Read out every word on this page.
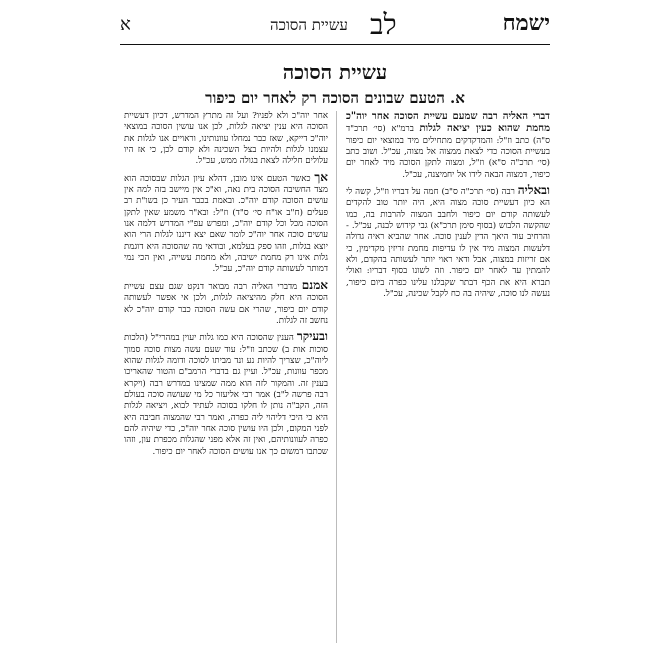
ישמח
לב
עשיית הסוכה
א
עשיית הסוכה
א. הטעם שבונים הסוכה רק לאחר יום כיפור

דברי האליה רבה שמעם עשיית הסוכה אחר יוה"כ מחמת שהוא כעין יציאה לגלות ברמ"א (סי׳ תרכ"ד ס"ה) כתב וז"ל: והמדקדקים מתחילים מיד במוצאי יום כיפור בעשיית הסוכה כדי לצאת ממצוה אל מצוה, עכ"ל. ושוב כתב (סי׳ תרכ"ה ס"א) וז"ל, ומצוה לתקן הסוכה מיד לאחר יום כיפור, דמצוה הבאה לידו אל יחמיצנה, עכ"ל.

ובאליה רבה (סי׳ תרכ"ה ס"ב) חמה על דבריו וז"ל, קשה לי הא כיון דעשיית סוכה מצוה היא, היה יותר טוב להקדים לעשותה קודם יום כיפור ולחבב המצוה להרבות בה, כמו שהקשה הלבוש (בסוף סימן תרכ"א) גבי קידוש לבנה, עכ"ל. - והרחיב עוד היאך הדין לענין סוכה. אחר שהביא ראיה גדולה דלעשות המצוה מיד אין לו עדיפות מחמת זריזין מקדימין, כי אם זריזות במצוה, אבל ודאי ראוי יותר לעשותה בהקדם, ולא להמתין עד לאחר יום כיפור. וזה לשונו בסוף דבריו: ואולי תברא היא את הכף דבתר שקבלנו עלינו כפרה ביום כיפור, נעשה לנו סוכה, שיהיה בה כח לקבל שכינה, עכ"ל.

אחר יוה"כ ולא לפניו? ועל זה מתרץ המדרש, דכיון דעשיית הסוכה היא ענין יציאה לגלות, לכן אנו עושין הסוכה במוצאי יוה"כ דייקא, שאז כבר נמחלו עוונותינו, וראויים אנו לגלות את עצמנו לגלות ולהיות בצל השכינה ולא קודם לכן, כי אז היו עלולים חלילה לצאת בגולה ממש, עכ"ל.

אך כאשר הטעם אינו מובן, דהלא עיון הגלות שבסוכה הוא מצד החשיבה הסוכה בית נאה, וא"כ אין מיישב בזה למה אין עושים הסוכה קודם יוה"כ. ובאמת בכבר העיר כן בשו"ת רב פעלים (ח"ב או"ח סי׳ ס"ד) וז"ל: ובא"ר משמע שאין לתקן הסוכה מכל וכל קודם יוה"כ, ומפרש עפ"י המדרש דלמה אנו עושים סוכה אחר יוה"כ לומר שאם יצא דיננו לגלות הרי הוא יוצא בגלות, וזהו ספק בעלמא, ובודאי מה שהסוכה היא דוגמת גלות אינו רק מחמת ישיבה, ולא מחמת עשייה, ואין הכי נמי דמותר לעשותה קודם יוה"כ, עכ"ל.

אמנם מדברי האליה רבה מבואר דנקט שגם עצם עשיית הסוכה היא חלק מהיציאה לגלות, ולכן אי אפשר לעשותה קודם יום כיפור, שהרי אם עשה הסוכה כבר קודם יוה"כ לא נחשב זה לגלות.

ובעיקר הענין שהסוכה היא כמו גלות יעוין במהרי"ל (הלכות סוכות אות ב) שכתב וז"ל: עוד שעם עשה מצות סוכה סמוך ליוה"כ, שצריך להיות נע ונד מביתו לסוכה ודומה לגלות שהוא מכפר עוונות, עכ"ל. ועיין גם בדברי הרמב"ם והטור שהאריכו בענין זה. והמקור לזה הוא ממה שמצינו במדרש רבה (ויקרא רבה פרשה ל"ב) אמר רבי אליעזר כל מי שעושה סוכה בעולם הזה, הקב"ה נותן לו חלקו בסוכה לעתיד לבוא, ויציאה לגלות היא כי היכי דליהוי ליה כפרה, ואמר רבי שהמצוה חביבה היא לפני המקום, ולכן היו עושין סוכה אחר יוה"כ, כדי שיהיה להם כפרה לעוונותיהם, ואין זה אלא מפני שהגלות מכפרת עון, וזהו שכתבו דמשום כך אנו עושים הסוכה לאחר יום כיפור.
